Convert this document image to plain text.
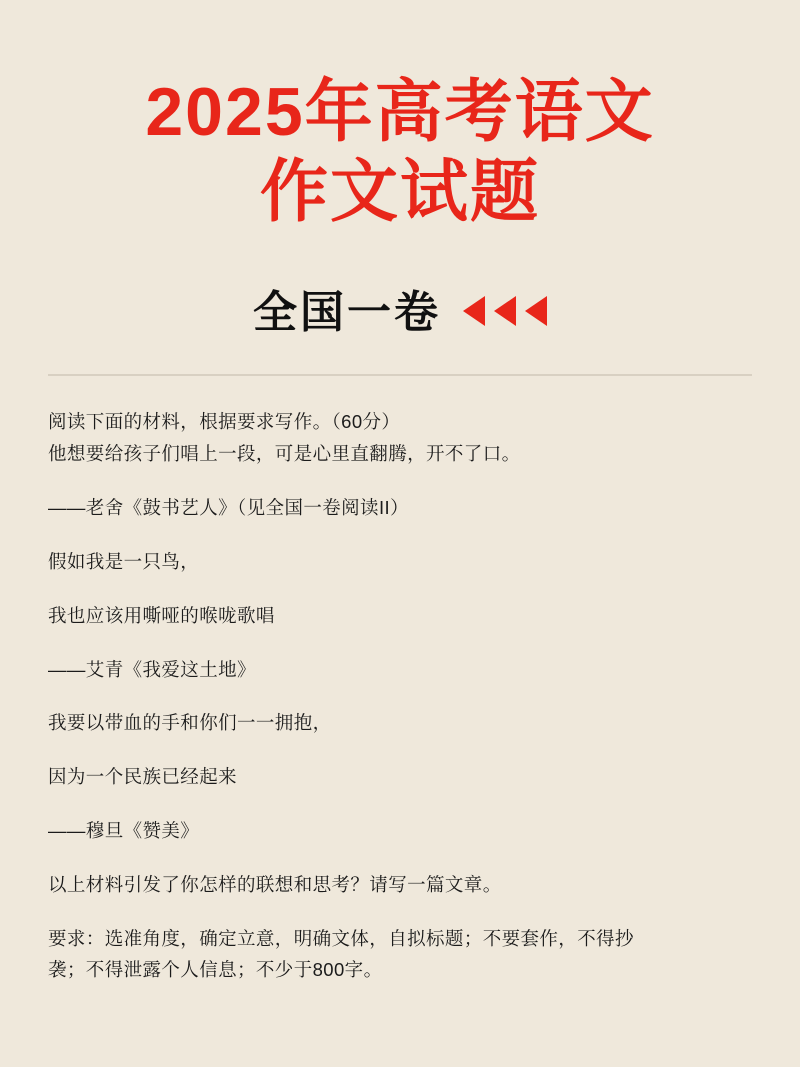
2025年高考语文
作文试题
全国一卷

阅读下面的材料，根据要求写作。（60分）
他想要给孩子们唱上一段，可是心里直翻腾，开不了口。

——老舍《鼓书艺人》（见全国一卷阅读II）

假如我是一只鸟，

我也应该用嘶哑的喉咙歌唱

——艾青《我爱这土地》

我要以带血的手和你们一一拥抱，

因为一个民族已经起来

——穆旦《赞美》

以上材料引发了你怎样的联想和思考？请写一篇文章。

要求：选准角度，确定立意，明确文体，自拟标题；不要套作，不得抄
袭；不得泄露个人信息；不少于800字。
